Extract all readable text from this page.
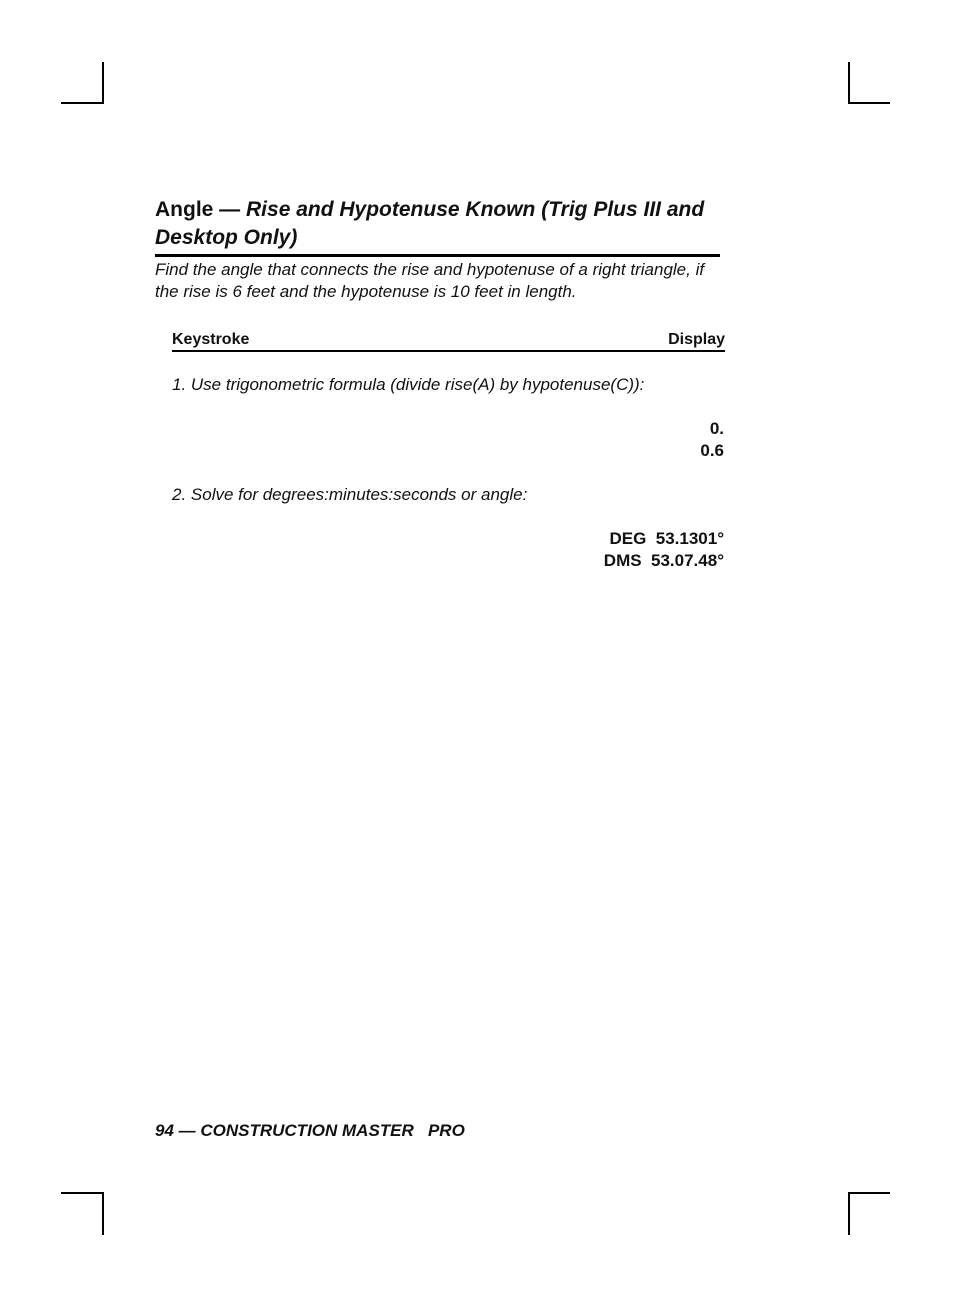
Angle — Rise and Hypotenuse Known (Trig Plus III and Desktop Only)
Find the angle that connects the rise and hypotenuse of a right triangle, if the rise is 6 feet and the hypotenuse is 10 feet in length.
Keystroke	Display
1. Use trigonometric formula (divide rise(A) by hypotenuse(C)):
0.
0.6
2. Solve for degrees:minutes:seconds or angle:
DEG  53.1301°
DMS  53.07.48°
94 — CONSTRUCTION MASTER   PRO
